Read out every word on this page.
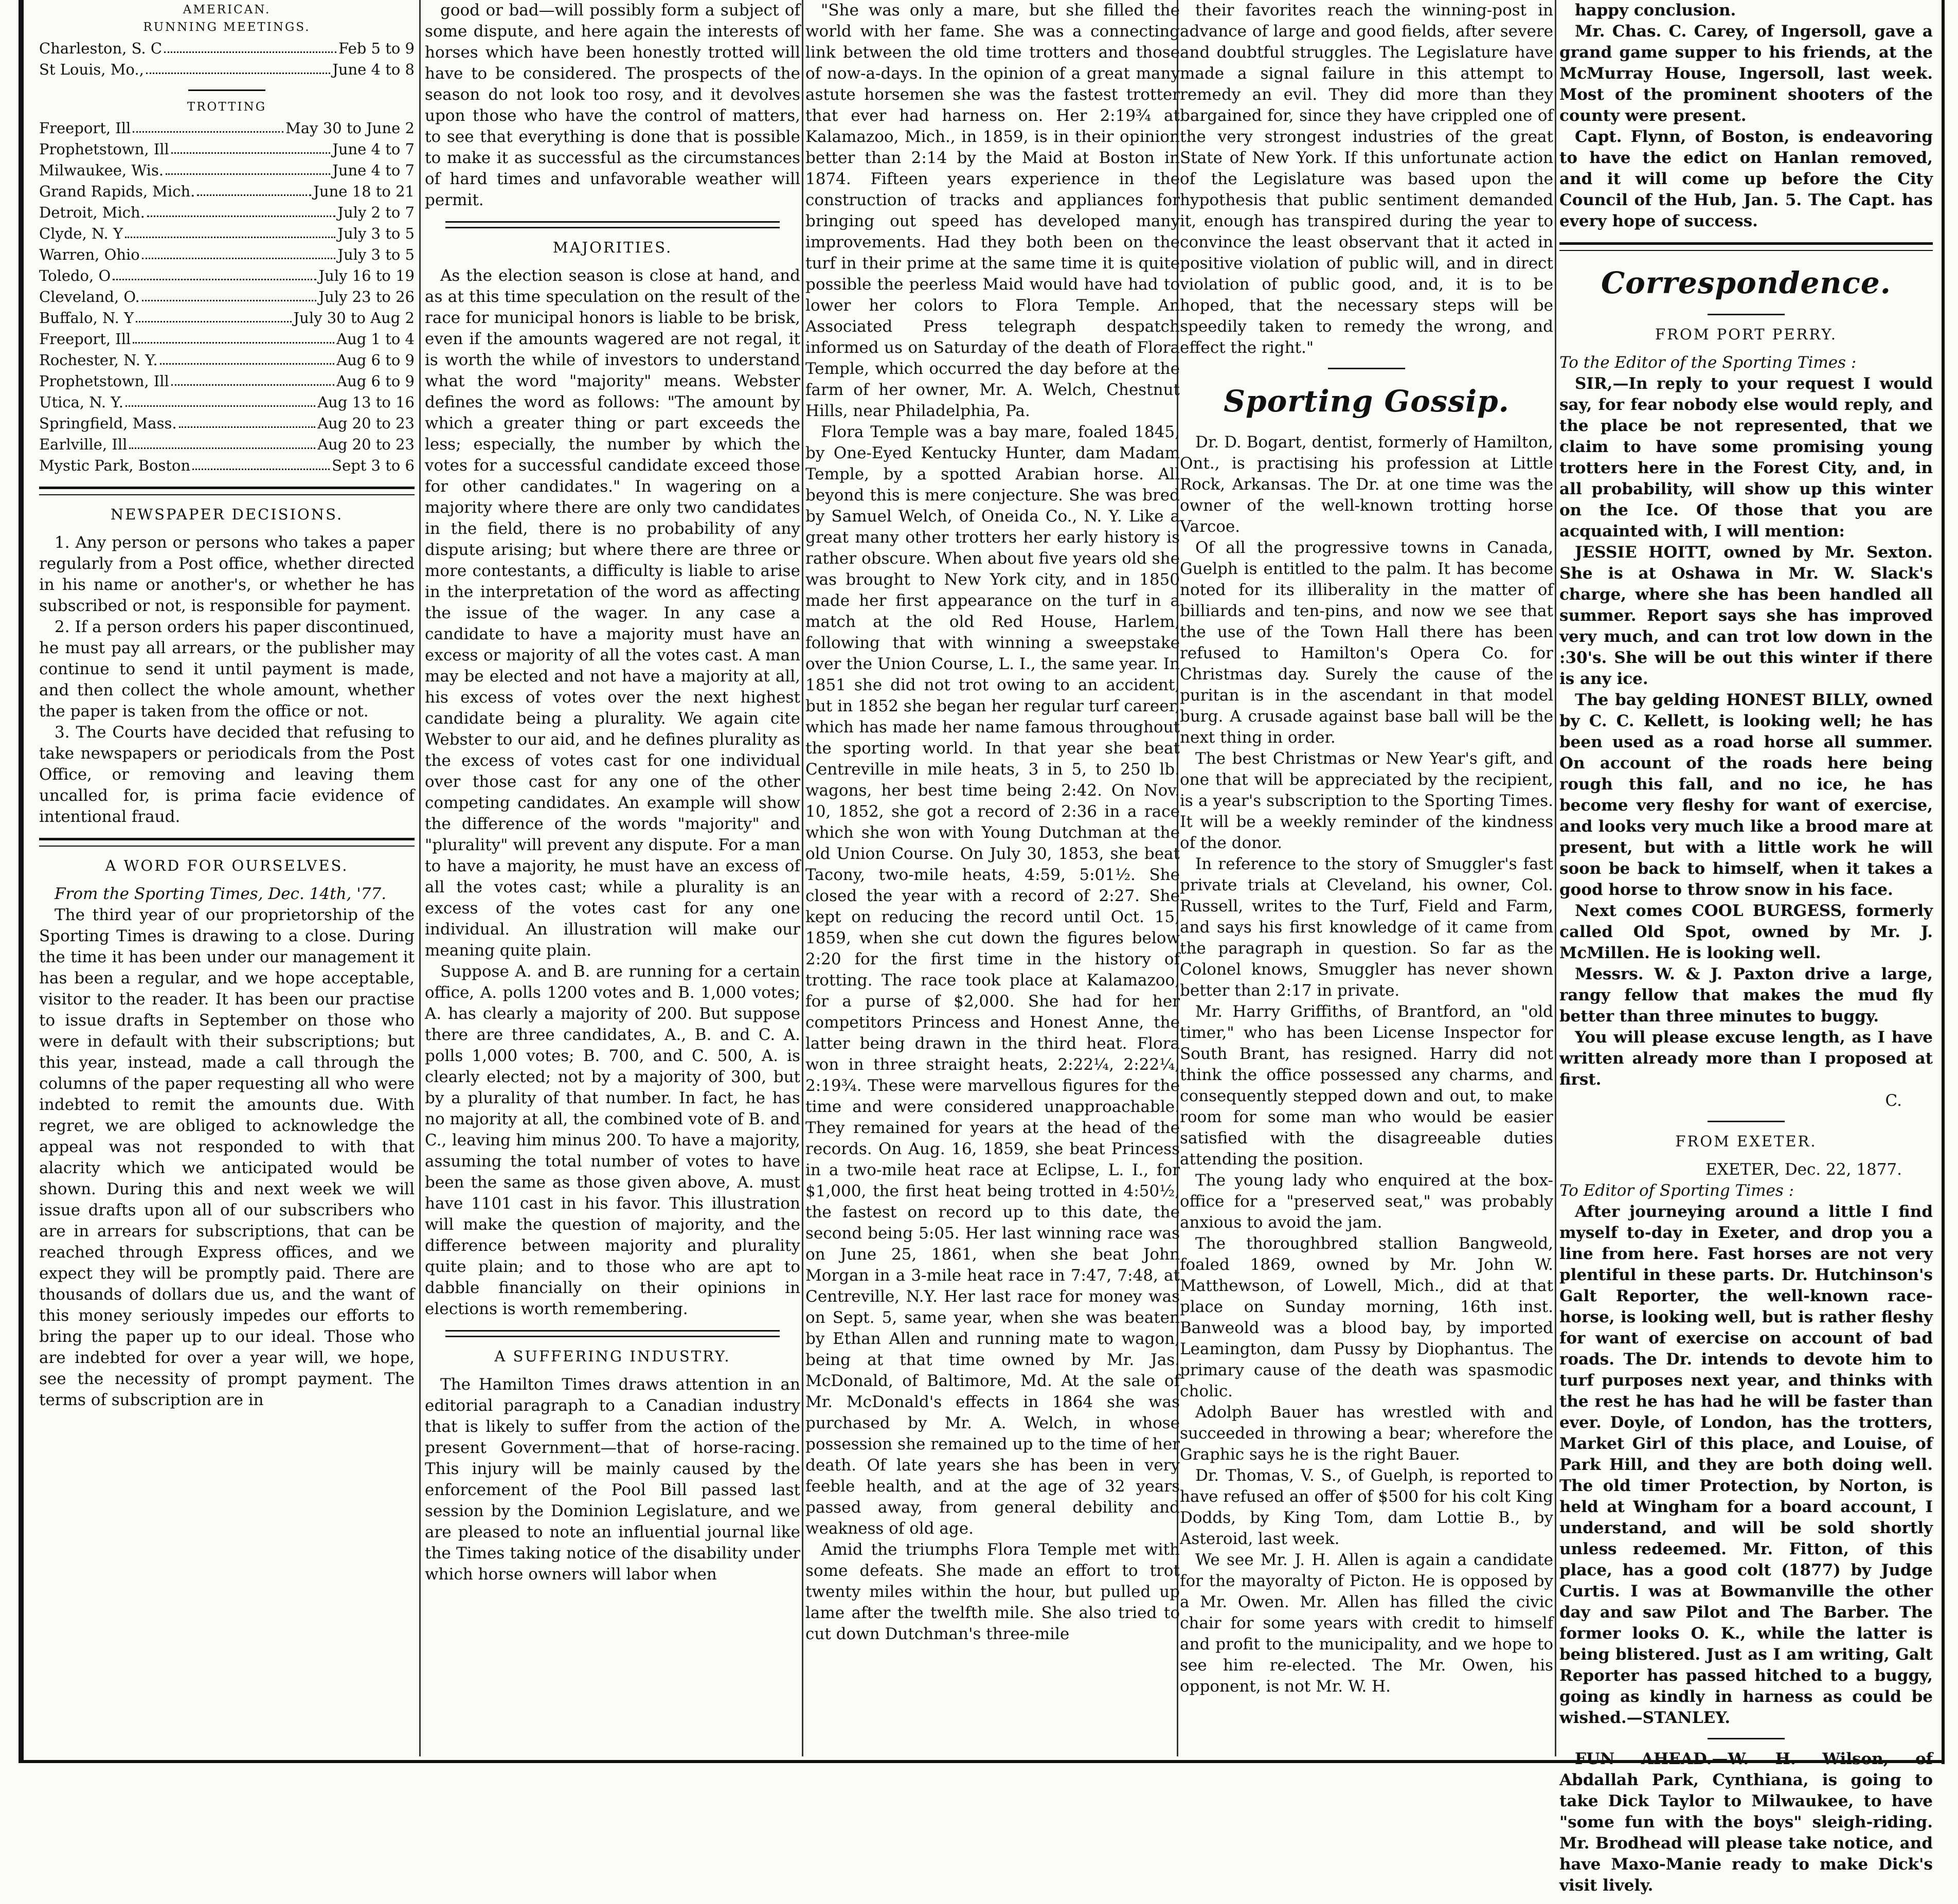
AMERICAN.
RUNNING MEETINGS.
Charleston, S. C	Feb 5 to 9
St Louis, Mo.,	June 4 to 8
TROTTING
Freeport, Ill	May 30 to June 2
Prophetstown, Ill	June 4 to 7
Milwaukee, Wis.	June 4 to 7
Grand Rapids, Mich.	June 18 to 21
Detroit, Mich.	July 2 to 7
Clyde, N. Y	July 3 to 5
Warren, Ohio	July 3 to 5
Toledo, O	July 16 to 19
Cleveland, O.	July 23 to 26
Buffalo, N. Y	July 30 to Aug 2
Freeport, Ill	Aug 1 to 4
Rochester, N. Y.	Aug 6 to 9
Prophetstown, Ill	Aug 6 to 9
Utica, N. Y.	Aug 13 to 16
Springfield, Mass.	Aug 20 to 23
Earlville, Ill	Aug 20 to 23
Mystic Park, Boston	Sept 3 to 6
NEWSPAPER DECISIONS.

1. Any person or persons who takes a paper regularly from a Post office, whether directed in his name or another's, or whether he has subscribed or not, is responsible for payment.

2. If a person orders his paper discontinued, he must pay all arrears, or the publisher may continue to send it until payment is made, and then collect the whole amount, whether the paper is taken from the office or not.

3. The Courts have decided that refusing to take newspapers or periodicals from the Post Office, or removing and leaving them uncalled for, is prima facie evidence of intentional fraud.

A WORD FOR OURSELVES.
From the Sporting Times, Dec. 14th, '77.

The third year of our proprietorship of the Sporting Times is drawing to a close. During the time it has been under our management it has been a regular, and we hope acceptable, visitor to the reader. It has been our practise to issue drafts in September on those who were in default with their subscriptions; but this year, instead, made a call through the columns of the paper requesting all who were indebted to remit the amounts due. With regret, we are obliged to acknowledge the appeal was not responded to with that alacrity which we anticipated would be shown. During this and next week we will issue drafts upon all of our subscribers who are in arrears for subscriptions, that can be reached through Express offices, and we expect they will be promptly paid. There are thousands of dollars due us, and the want of this money seriously impedes our efforts to bring the paper up to our ideal. Those who are indebted for over a year will, we hope, see the necessity of prompt payment. The terms of subscription are in

good or bad—will possibly form a subject of some dispute, and here again the interests of horses which have been honestly trotted will have to be considered. The prospects of the season do not look too rosy, and it devolves upon those who have the control of matters, to see that everything is done that is possible to make it as successful as the circumstances of hard times and unfavorable weather will permit.

MAJORITIES.

As the election season is close at hand, and as at this time speculation on the result of the race for municipal honors is liable to be brisk, even if the amounts wagered are not regal, it is worth the while of investors to understand what the word "majority" means. Webster defines the word as follows: "The amount by which a greater thing or part exceeds the less; especially, the number by which the votes for a successful candidate exceed those for other candidates." In wagering on a majority where there are only two candidates in the field, there is no probability of any dispute arising; but where there are three or more contestants, a difficulty is liable to arise in the interpretation of the word as affecting the issue of the wager. In any case a candidate to have a majority must have an excess or majority of all the votes cast. A man may be elected and not have a majority at all, his excess of votes over the next highest candidate being a plurality. We again cite Webster to our aid, and he defines plurality as the excess of votes cast for one individual over those cast for any one of the other competing candidates. An example will show the difference of the words "majority" and "plurality" will prevent any dispute. For a man to have a majority, he must have an excess of all the votes cast; while a plurality is an excess of the votes cast for any one individual. An illustration will make our meaning quite plain.

Suppose A. and B. are running for a certain office, A. polls 1200 votes and B. 1,000 votes; A. has clearly a majority of 200. But suppose there are three candidates, A., B. and C. A. polls 1,000 votes; B. 700, and C. 500, A. is clearly elected; not by a majority of 300, but by a plurality of that number. In fact, he has no majority at all, the combined vote of B. and C., leaving him minus 200. To have a majority, assuming the total number of votes to have been the same as those given above, A. must have 1101 cast in his favor. This illustration will make the question of majority, and the difference between majority and plurality quite plain; and to those who are apt to dabble financially on their opinions in elections is worth remembering.

A SUFFERING INDUSTRY.

The Hamilton Times draws attention in an editorial paragraph to a Canadian industry that is likely to suffer from the action of the present Government—that of horse-racing. This injury will be mainly caused by the enforcement of the Pool Bill passed last session by the Dominion Legislature, and we are pleased to note an influential journal like the Times taking notice of the disability under which horse owners will labor when

"She was only a mare, but she filled the world with her fame. She was a connecting link between the old time trotters and those of now-a-days. In the opinion of a great many astute horsemen she was the fastest trotter that ever had harness on. Her 2:19¾ at Kalamazoo, Mich., in 1859, is in their opinion better than 2:14 by the Maid at Boston in 1874. Fifteen years experience in the construction of tracks and appliances for bringing out speed has developed many improvements. Had they both been on the turf in their prime at the same time it is quite possible the peerless Maid would have had to lower her colors to Flora Temple. An Associated Press telegraph despatch informed us on Saturday of the death of Flora Temple, which occurred the day before at the farm of her owner, Mr. A. Welch, Chestnut Hills, near Philadelphia, Pa.

Flora Temple was a bay mare, foaled 1845, by One-Eyed Kentucky Hunter, dam Madam Temple, by a spotted Arabian horse. All beyond this is mere conjecture. She was bred by Samuel Welch, of Oneida Co., N. Y. Like a great many other trotters her early history is rather obscure. When about five years old she was brought to New York city, and in 1850 made her first appearance on the turf in a match at the old Red House, Harlem, following that with winning a sweepstake over the Union Course, L. I., the same year. In 1851 she did not trot owing to an accident, but in 1852 she began her regular turf career, which has made her name famous throughout the sporting world. In that year she beat Centreville in mile heats, 3 in 5, to 250 lb. wagons, her best time being 2:42. On Nov. 10, 1852, she got a record of 2:36 in a race which she won with Young Dutchman at the old Union Course. On July 30, 1853, she beat Tacony, two-mile heats, 4:59, 5:01½. She closed the year with a record of 2:27. She kept on reducing the record until Oct. 15, 1859, when she cut down the figures below 2:20 for the first time in the history of trotting. The race took place at Kalamazoo, for a purse of $2,000. She had for her competitors Princess and Honest Anne, the latter being drawn in the third heat. Flora won in three straight heats, 2:22¼, 2:22¼, 2:19¾. These were marvellous figures for the time and were considered unapproachable. They remained for years at the head of the records. On Aug. 16, 1859, she beat Princess in a two-mile heat race at Eclipse, L. I., for $1,000, the first heat being trotted in 4:50½, the fastest on record up to this date, the second being 5:05. Her last winning race was on June 25, 1861, when she beat John Morgan in a 3-mile heat race in 7:47, 7:48, at Centreville, N.Y. Her last race for money was on Sept. 5, same year, when she was beaten by Ethan Allen and running mate to wagon, being at that time owned by Mr. Jas. McDonald, of Baltimore, Md. At the sale of Mr. McDonald's effects in 1864 she was purchased by Mr. A. Welch, in whose possession she remained up to the time of her death. Of late years she has been in very feeble health, and at the age of 32 years passed away, from general debility and weakness of old age.

Amid the triumphs Flora Temple met with some defeats. She made an effort to trot twenty miles within the hour, but pulled up lame after the twelfth mile. She also tried to cut down Dutchman's three-mile

their favorites reach the winning-post in advance of large and good fields, after severe and doubtful struggles. The Legislature have made a signal failure in this attempt to remedy an evil. They did more than they bargained for, since they have crippled one of the very strongest industries of the great State of New York. If this unfortunate action of the Legislature was based upon the hypothesis that public sentiment demanded it, enough has transpired during the year to convince the least observant that it acted in positive violation of public will, and in direct violation of public good, and, it is to be hoped, that the necessary steps will be speedily taken to remedy the wrong, and effect the right."

Sporting Gossip.

Dr. D. Bogart, dentist, formerly of Hamilton, Ont., is practising his profession at Little Rock, Arkansas. The Dr. at one time was the owner of the well-known trotting horse Varcoe.

Of all the progressive towns in Canada, Guelph is entitled to the palm. It has become noted for its illiberality in the matter of billiards and ten-pins, and now we see that the use of the Town Hall there has been refused to Hamilton's Opera Co. for Christmas day. Surely the cause of the puritan is in the ascendant in that model burg. A crusade against base ball will be the next thing in order.

The best Christmas or New Year's gift, and one that will be appreciated by the recipient, is a year's subscription to the Sporting Times. It will be a weekly reminder of the kindness of the donor.

In reference to the story of Smuggler's fast private trials at Cleveland, his owner, Col. Russell, writes to the Turf, Field and Farm, and says his first knowledge of it came from the paragraph in question. So far as the Colonel knows, Smuggler has never shown better than 2:17 in private.

Mr. Harry Griffiths, of Brantford, an "old timer," who has been License Inspector for South Brant, has resigned. Harry did not think the office possessed any charms, and consequently stepped down and out, to make room for some man who would be easier satisfied with the disagreeable duties attending the position.

The young lady who enquired at the box-office for a "preserved seat," was probably anxious to avoid the jam.

The thoroughbred stallion Bangweold, foaled 1869, owned by Mr. John W. Matthewson, of Lowell, Mich., did at that place on Sunday morning, 16th inst. Banweold was a blood bay, by imported Leamington, dam Pussy by Diophantus. The primary cause of the death was spasmodic cholic.

Adolph Bauer has wrestled with and succeeded in throwing a bear; wherefore the Graphic says he is the right Bauer.

Dr. Thomas, V. S., of Guelph, is reported to have refused an offer of $500 for his colt King Dodds, by King Tom, dam Lottie B., by Asteroid, last week.

We see Mr. J. H. Allen is again a candidate for the mayoralty of Picton. He is opposed by a Mr. Owen. Mr. Allen has filled the civic chair for some years with credit to himself and profit to the municipality, and we hope to see him re-elected. The Mr. Owen, his opponent, is not Mr. W. H.

happy conclusion.

Mr. Chas. C. Carey, of Ingersoll, gave a grand game supper to his friends, at the McMurray House, Ingersoll, last week. Most of the prominent shooters of the county were present.

Capt. Flynn, of Boston, is endeavoring to have the edict on Hanlan removed, and it will come up before the City Council of the Hub, Jan. 5. The Capt. has every hope of success.

Correspondence.
FROM PORT PERRY.
To the Editor of the Sporting Times :

SIR,—In reply to your request I would say, for fear nobody else would reply, and the place be not represented, that we claim to have some promising young trotters here in the Forest City, and, in all probability, will show up this winter on the Ice. Of those that you are acquainted with, I will mention:

JESSIE HOITT, owned by Mr. Sexton. She is at Oshawa in Mr. W. Slack's charge, where she has been handled all summer. Report says she has improved very much, and can trot low down in the :30's. She will be out this winter if there is any ice.

The bay gelding HONEST BILLY, owned by C. C. Kellett, is looking well; he has been used as a road horse all summer. On account of the roads here being rough this fall, and no ice, he has become very fleshy for want of exercise, and looks very much like a brood mare at present, but with a little work he will soon be back to himself, when it takes a good horse to throw snow in his face.

Next comes COOL BURGESS, formerly called Old Spot, owned by Mr. J. McMillen. He is looking well.

Messrs. W. & J. Paxton drive a large, rangy fellow that makes the mud fly better than three minutes to buggy.

You will please excuse length, as I have written already more than I proposed at first.

C.
FROM EXETER.
EXETER, Dec. 22, 1877.
To Editor of Sporting Times :

After journeying around a little I find myself to-day in Exeter, and drop you a line from here. Fast horses are not very plentiful in these parts. Dr. Hutchinson's Galt Reporter, the well-known race-horse, is looking well, but is rather fleshy for want of exercise on account of bad roads. The Dr. intends to devote him to turf purposes next year, and thinks with the rest he has had he will be faster than ever. Doyle, of London, has the trotters, Market Girl of this place, and Louise, of Park Hill, and they are both doing well. The old timer Protection, by Norton, is held at Wingham for a board account, I understand, and will be sold shortly unless redeemed. Mr. Fitton, of this place, has a good colt (1877) by Judge Curtis. I was at Bowmanville the other day and saw Pilot and The Barber. The former looks O. K., while the latter is being blistered. Just as I am writing, Galt Reporter has passed hitched to a buggy, going as kindly in harness as could be wished.—STANLEY.

FUN AHEAD.—W. H. Wilson, of Abdallah Park, Cynthiana, is going to take Dick Taylor to Milwaukee, to have "some fun with the boys" sleigh-riding. Mr. Brodhead will please take notice, and have Maxo-Manie ready to make Dick's visit lively.
